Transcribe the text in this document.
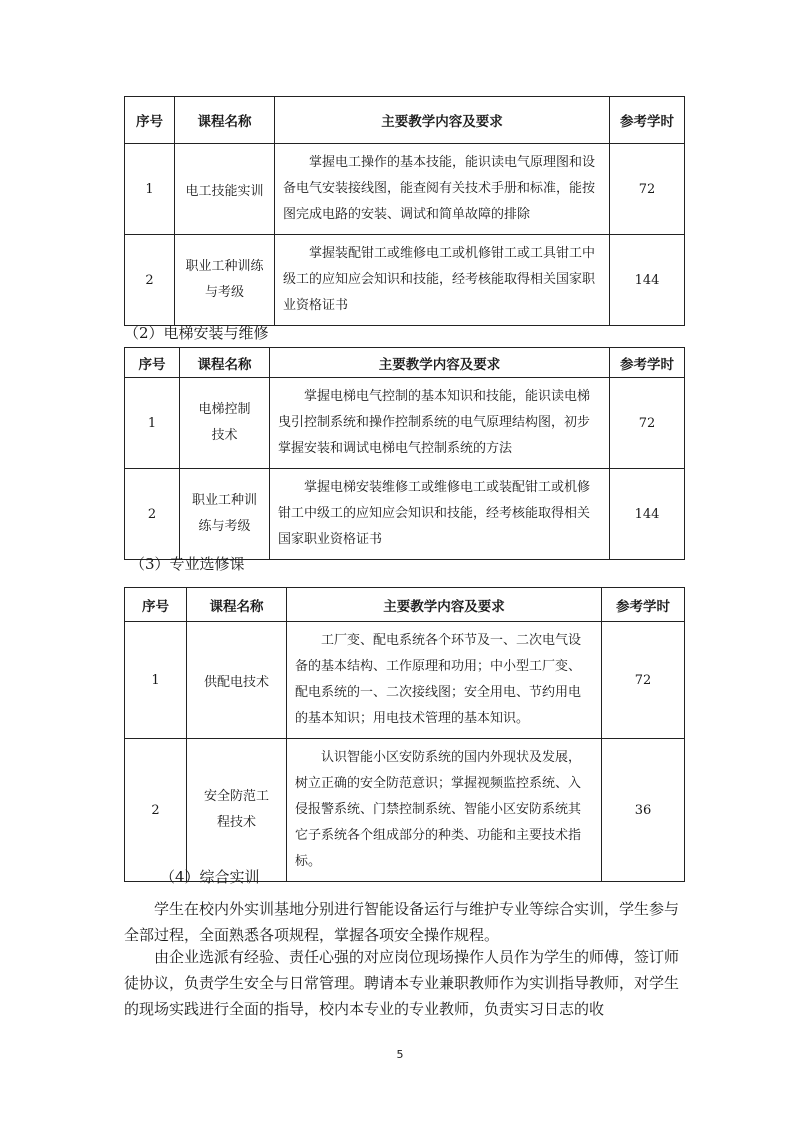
序号	课程名称	主要教学内容及要求	参考学时
1	电工技能实训	掌握电工操作的基本技能，能识读电气原理图和设备电气安装接线图，能查阅有关技术手册和标准，能按图完成电路的安装、调试和简单故障的排除	72
2	职业工种训练与考级	掌握装配钳工或维修电工或机修钳工或工具钳工中级工的应知应会知识和技能，经考核能取得相关国家职业资格证书	144
（2）电梯安装与维修
序号	课程名称	主要教学内容及要求	参考学时
1	电梯控制技术	掌握电梯电气控制的基本知识和技能，能识读电梯曳引控制系统和操作控制系统的电气原理结构图，初步掌握安装和调试电梯电气控制系统的方法	72
2	职业工种训练与考级	掌握电梯安装维修工或维修电工或装配钳工或机修钳工中级工的应知应会知识和技能，经考核能取得相关国家职业资格证书	144
（3）专业选修课
序号	课程名称	主要教学内容及要求	参考学时
1	供配电技术	工厂变、配电系统各个环节及一、二次电气设备的基本结构、工作原理和功用；中小型工厂变、配电系统的一、二次接线图；安全用电、节约用电的基本知识；用电技术管理的基本知识。	72
2	安全防范工程技术	认识智能小区安防系统的国内外现状及发展，树立正确的安全防范意识；掌握视频监控系统、入侵报警系统、门禁控制系统、智能小区安防系统其它子系统各个组成部分的种类、功能和主要技术指标。	36
（4）综合实训

学生在校内外实训基地分别进行智能设备运行与维护专业等综合实训，学生参与全部过程，全面熟悉各项规程，掌握各项安全操作规程。

由企业选派有经验、责任心强的对应岗位现场操作人员作为学生的师傅，签订师徒协议，负责学生安全与日常管理。聘请本专业兼职教师作为实训指导教师，对学生的现场实践进行全面的指导，校内本专业的专业教师，负责实习日志的收

5
